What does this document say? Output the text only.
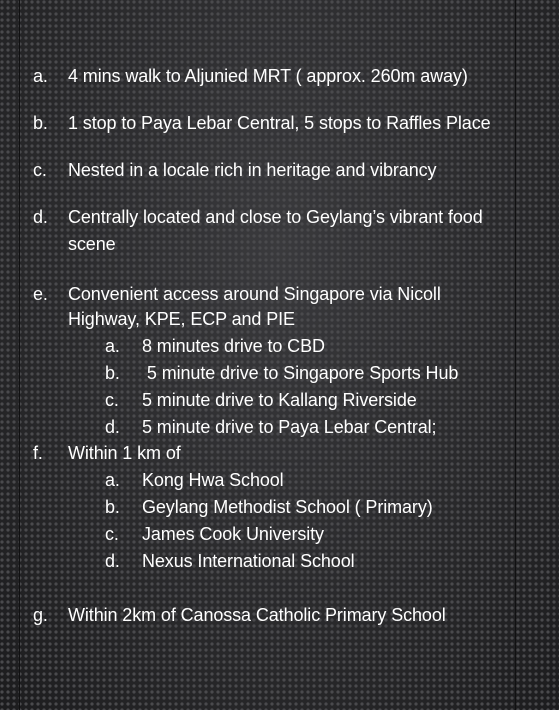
a. 4 mins walk to Aljunied MRT ( approx. 260m away)
b. 1 stop to Paya Lebar Central, 5 stops to Raffles Place
c. Nested in a locale rich in heritage and vibrancy
d. Centrally located and close to Geylang’s vibrant food
scene
e. Convenient access around Singapore via Nicoll
Highway, KPE, ECP and PIE
a. 8 minutes drive to CBD
b. 5 minute drive to Singapore Sports Hub
c. 5 minute drive to Kallang Riverside
d. 5 minute drive to Paya Lebar Central;
f. Within 1 km of
a. Kong Hwa School
b. Geylang Methodist School ( Primary)
c. James Cook University
d. Nexus International School
g. Within 2km of Canossa Catholic Primary School
